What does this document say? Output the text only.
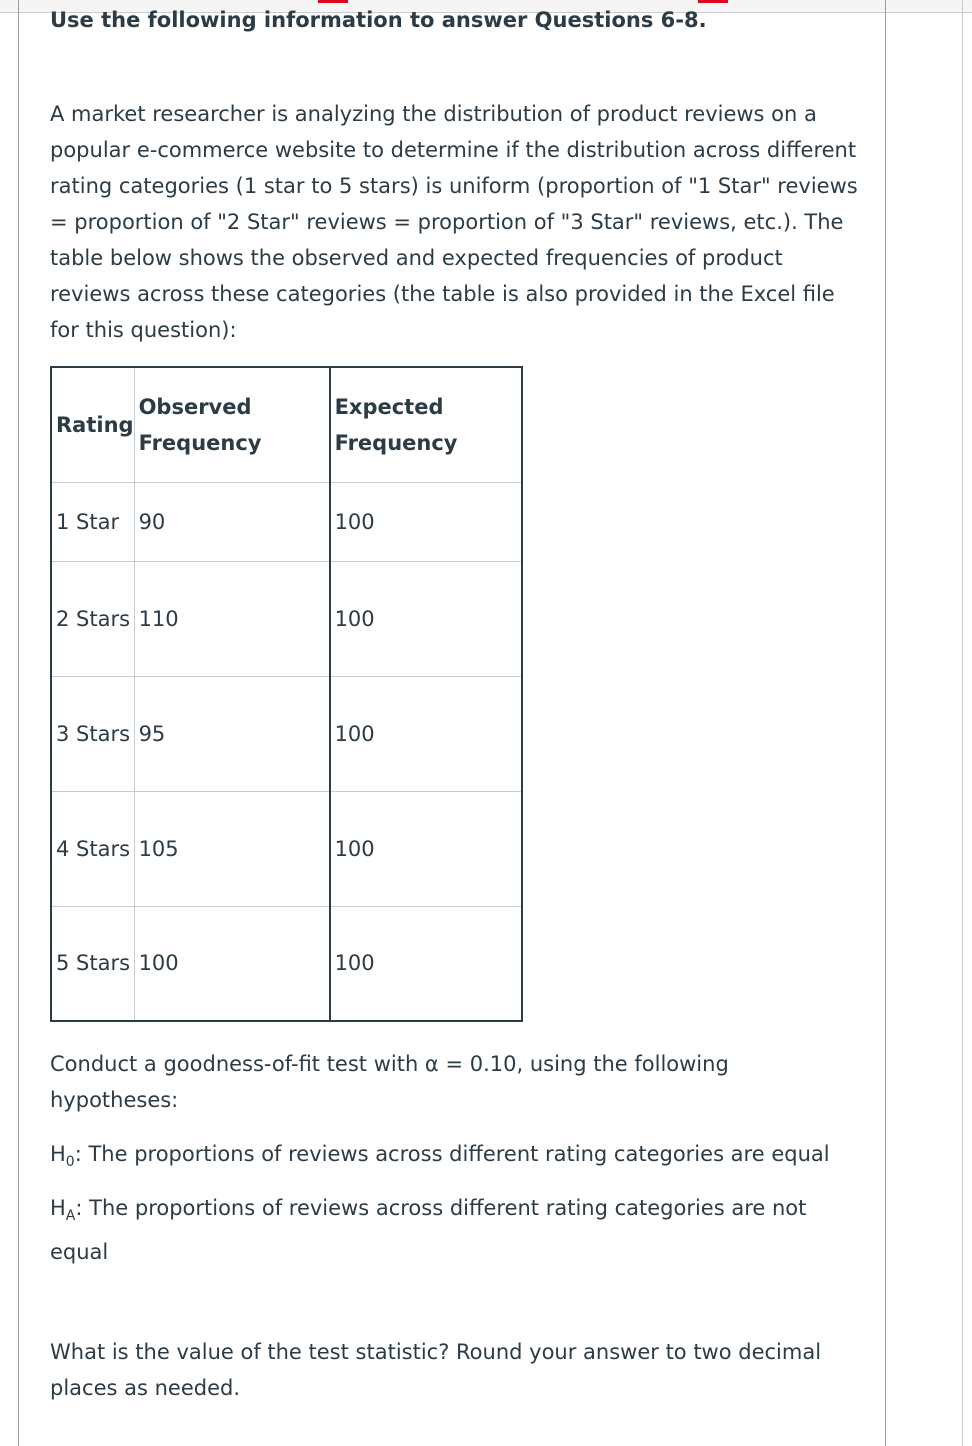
Use the following information to answer Questions 6-8.

A market researcher is analyzing the distribution of product reviews on a popular e-commerce website to determine if the distribution across different rating categories (1 star to 5 stars) is uniform (proportion of "1 Star" reviews = proportion of "2 Star" reviews = proportion of "3 Star" reviews, etc.). The table below shows the observed and expected frequencies of product reviews across these categories (the table is also provided in the Excel file for this question):

Rating	Observed Frequency	Expected Frequency
1 Star	90	100
2 Stars	110	100
3 Stars	95	100
4 Stars	105	100
5 Stars	100	100

Conduct a goodness-of-fit test with α = 0.10, using the following hypotheses:

$H_0$: The proportions of reviews across different rating categories are equal

$H_A$: The proportions of reviews across different rating categories are not equal

What is the value of the test statistic? Round your answer to two decimal places as needed.
